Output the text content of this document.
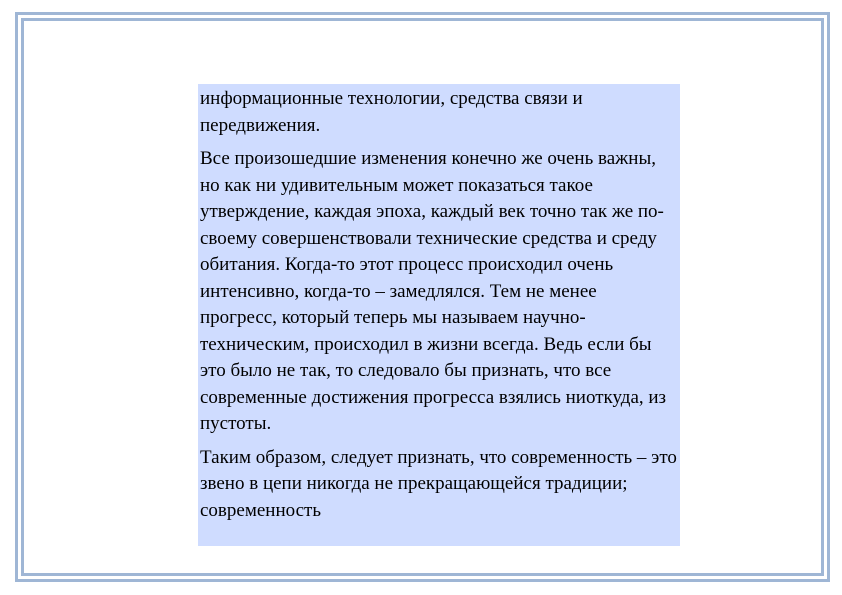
информационные технологии, средства связи и передвижения.

Все произошедшие изменения конечно же очень важны, но как ни удивительным может показаться такое утверждение, каждая эпоха, каждый век точно так же по-своему совершенствовали технические средства и среду обитания. Когда-то этот процесс происходил очень интенсивно, когда-то – замедлялся. Тем не менее прогресс, который теперь мы называем научно-техническим, происходил в жизни всегда. Ведь если бы это было не так, то следовало бы признать, что все современные достижения прогресса взялись ниоткуда, из пустоты.

Таким образом, следует признать, что современность – это звено в цепи никогда не прекращающейся традиции; современность
